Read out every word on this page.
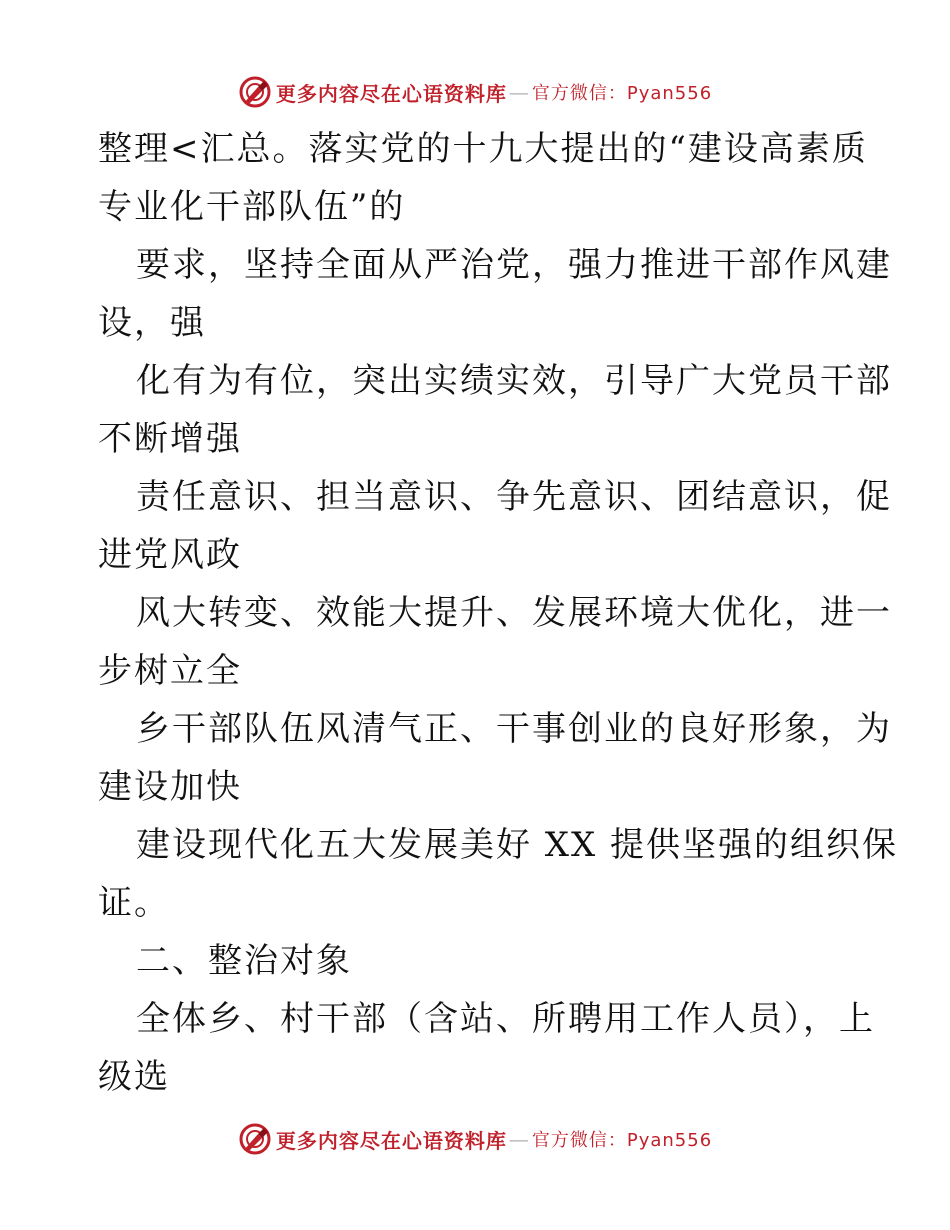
更多内容尽在心语资料库 — 官方微信：Pyan556
整理<汇总。落实党的十九大提出的“建设高素质
专业化干部队伍”的
要求，坚持全面从严治党，强力推进干部作风建
设，强
化有为有位，突出实绩实效，引导广大党员干部
不断增强
责任意识、担当意识、争先意识、团结意识，促
进党风政
风大转变、效能大提升、发展环境大优化，进一
步树立全
乡干部队伍风清气正、干事创业的良好形象，为
建设加快
建设现代化五大发展美好 XX 提供坚强的组织保
证。
二、整治对象
全体乡、村干部（含站、所聘用工作人员），上
级选
更多内容尽在心语资料库 — 官方微信：Pyan556
